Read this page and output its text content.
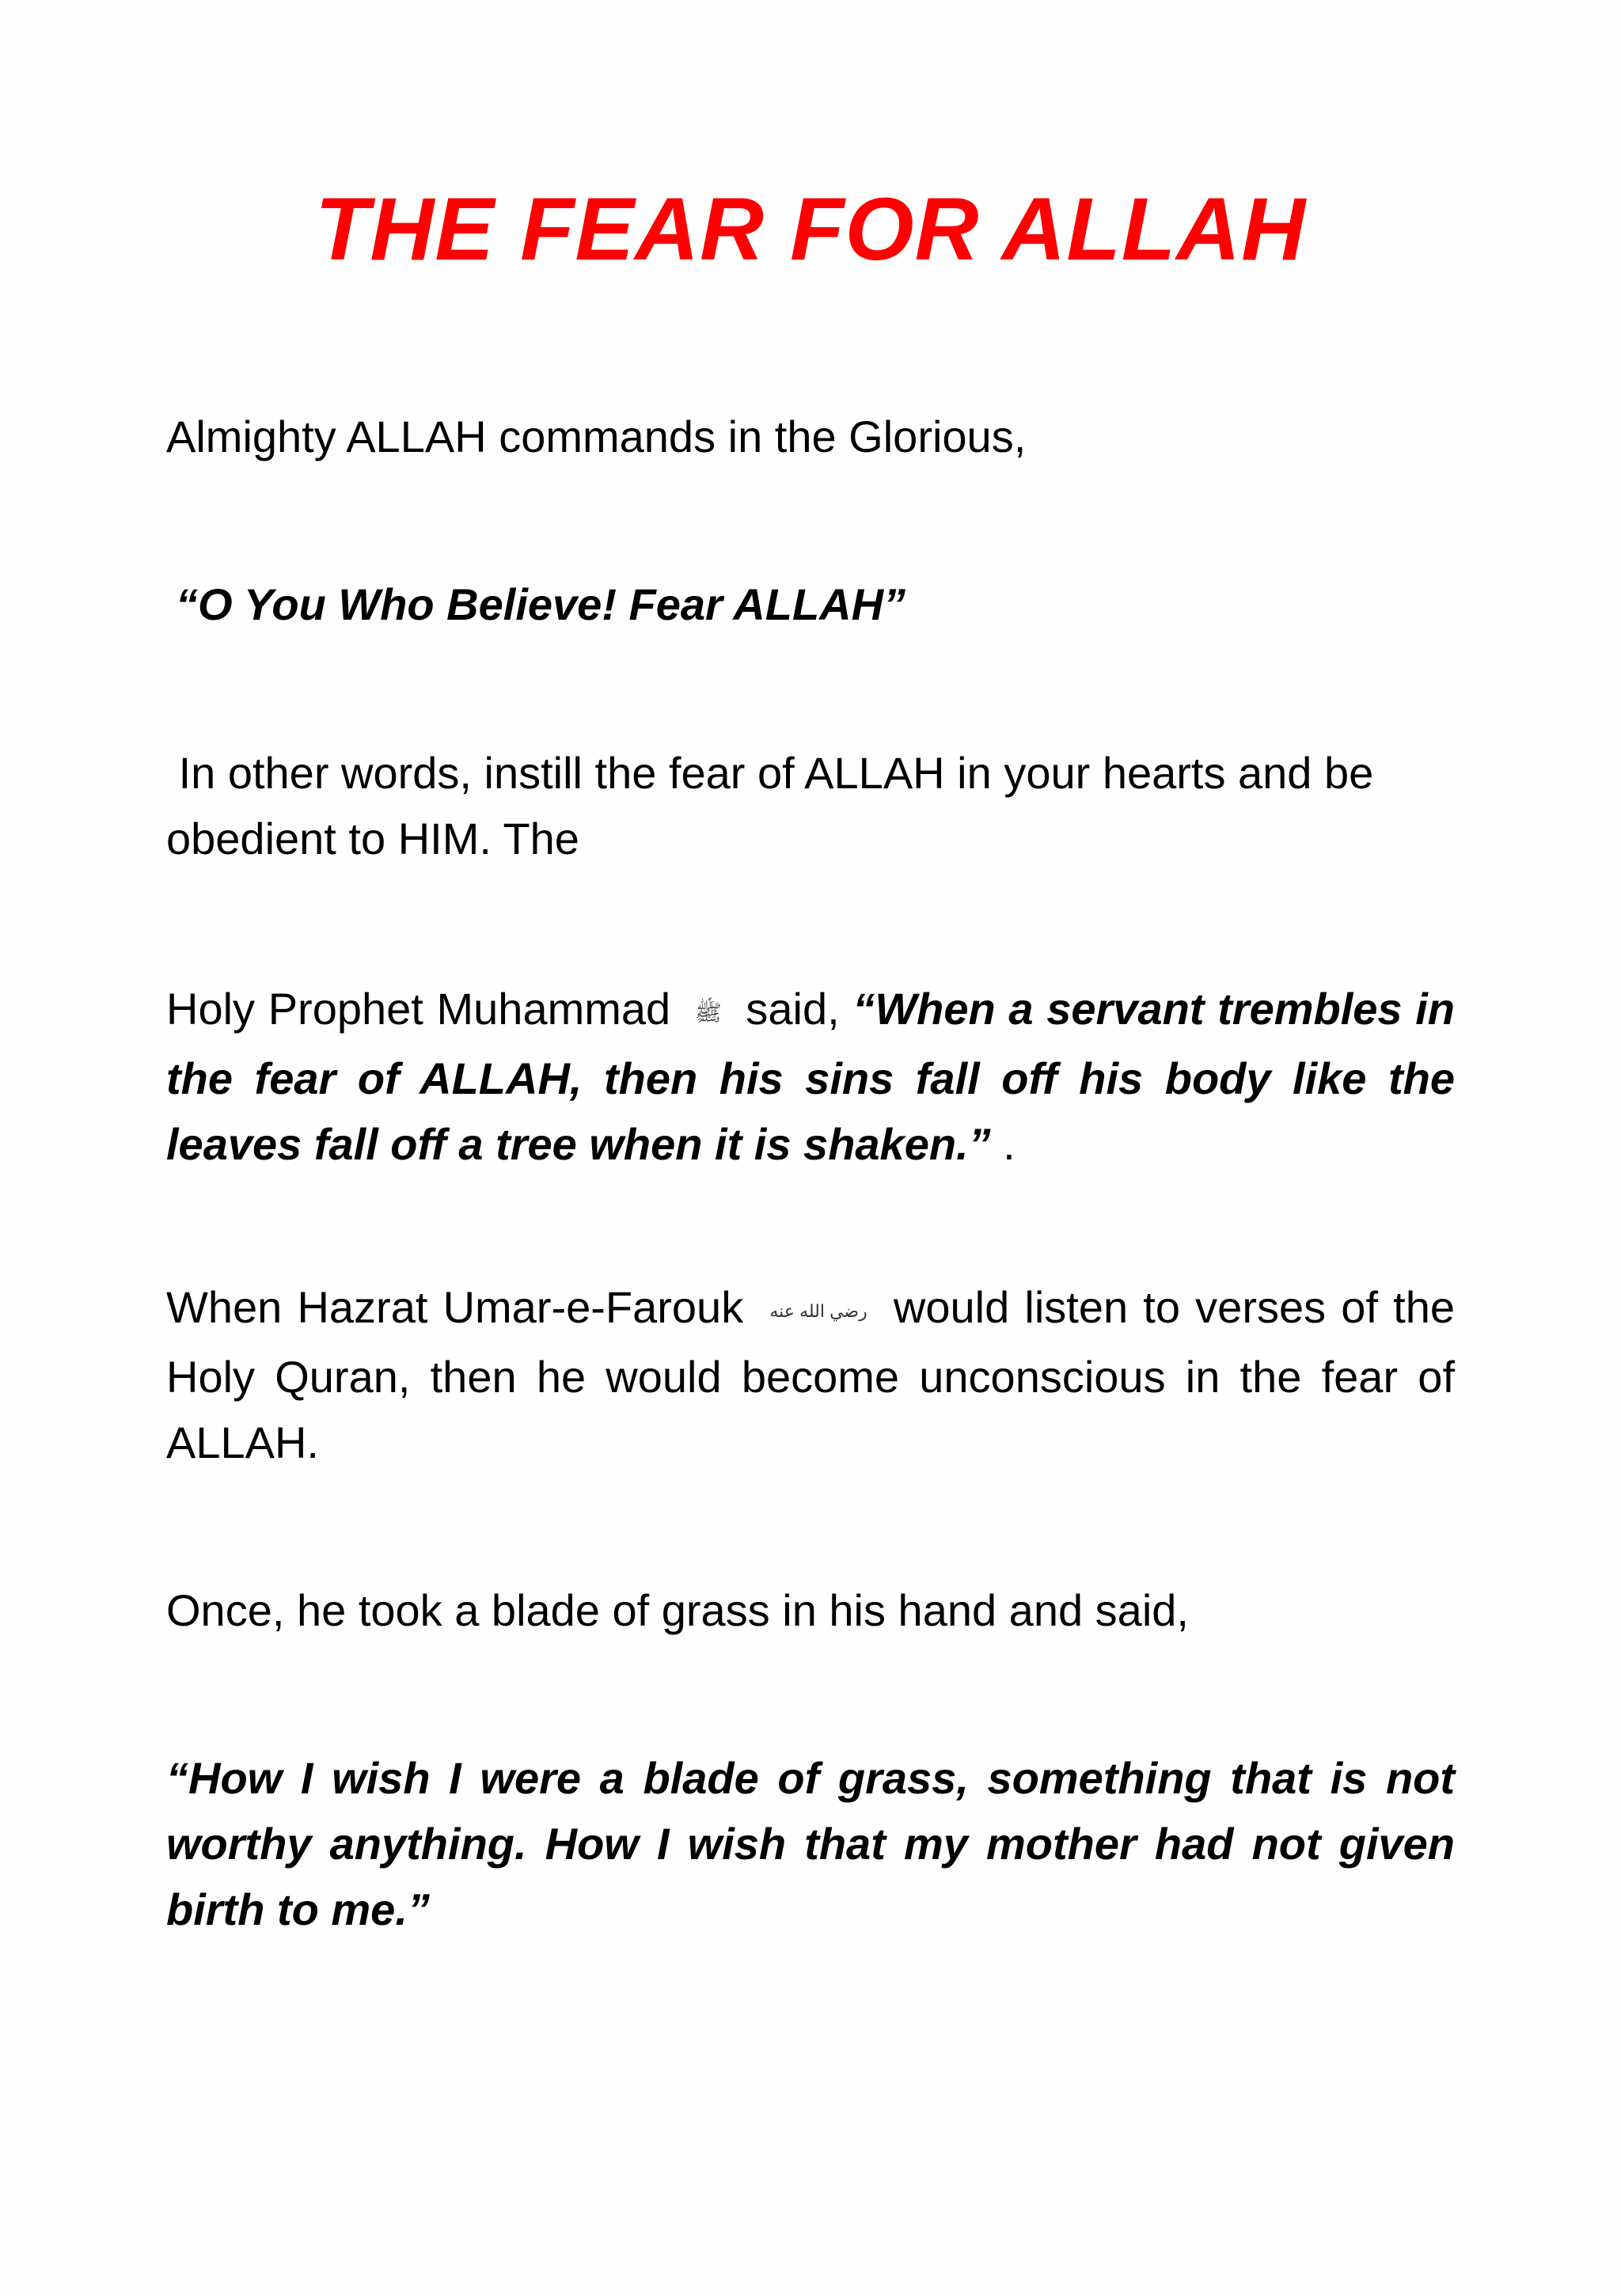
THE FEAR FOR ALLAH

Almighty ALLAH commands in the Glorious,

“O You Who Believe! Fear ALLAH”

In other words, instill the fear of ALLAH in your hearts and be obedient to HIM. The

Holy Prophet Muhammad ﷺ said, “When a servant trembles in the fear of ALLAH, then his sins fall off his body like the leaves fall off a tree when it is shaken.” .

When Hazrat Umar-e-Farouk رضي الله عنه would listen to verses of the Holy Quran, then he would become unconscious in the fear of ALLAH.

Once, he took a blade of grass in his hand and said,

“How I wish I were a blade of grass, something that is not worthy anything. How I wish that my mother had not given birth to me.”
